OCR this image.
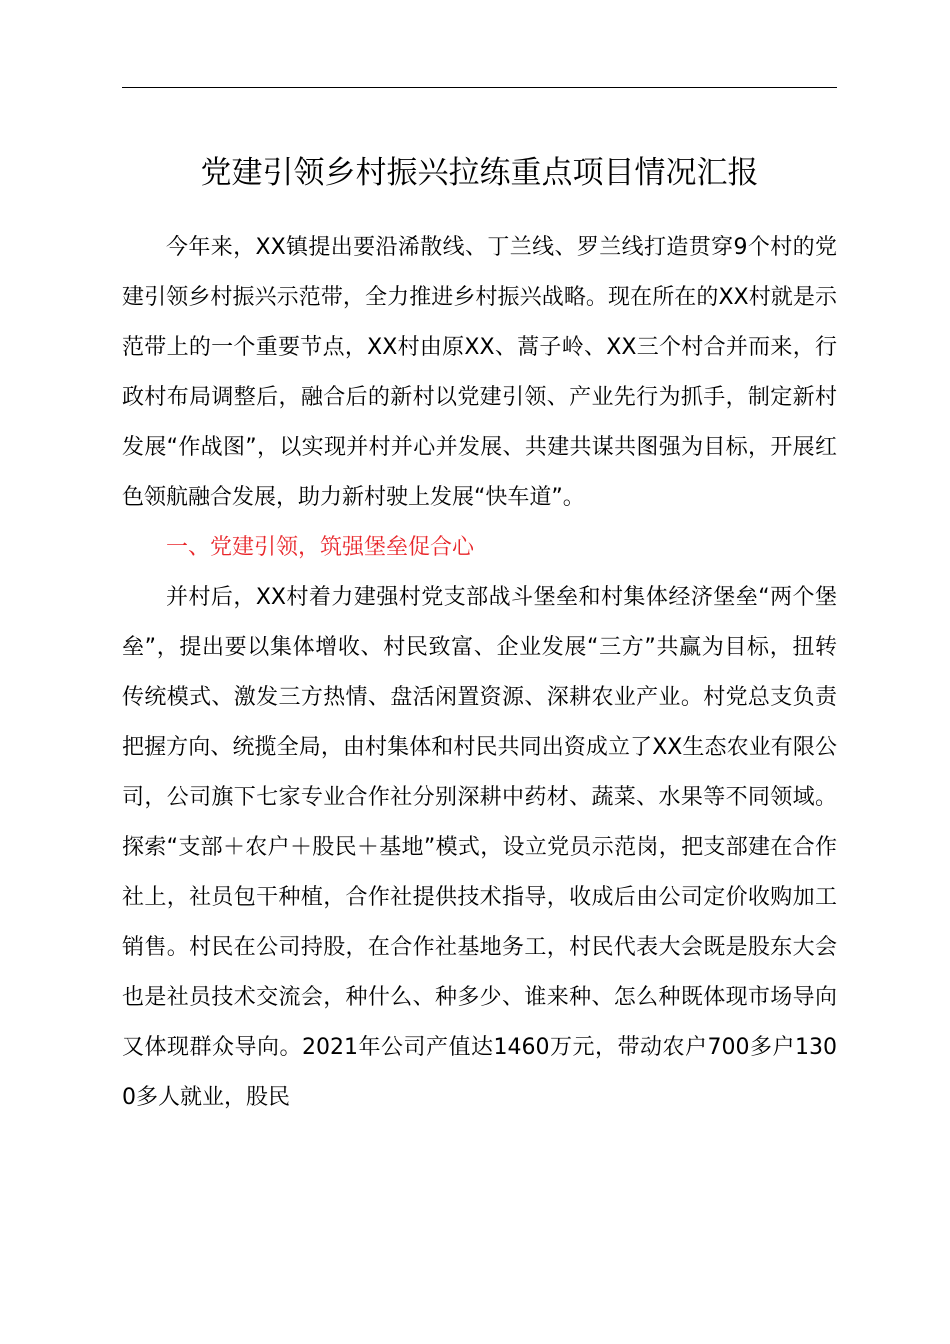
党建引领乡村振兴拉练重点项目情况汇报

今年来，XX镇提出要沿浠散线、丁兰线、罗兰线打造贯穿9个村的党建引领乡村振兴示范带，全力推进乡村振兴战略。现在所在的XX村就是示范带上的一个重要节点，XX村由原XX、蒿子岭、XX三个村合并而来，行政村布局调整后，融合后的新村以党建引领、产业先行为抓手，制定新村发展“作战图”，以实现并村并心并发展、共建共谋共图强为目标，开展红色领航融合发展，助力新村驶上发展“快车道”。

一、党建引领，筑强堡垒促合心

并村后，XX村着力建强村党支部战斗堡垒和村集体经济堡垒“两个堡垒”，提出要以集体增收、村民致富、企业发展“三方”共赢为目标，扭转传统模式、激发三方热情、盘活闲置资源、深耕农业产业。村党总支负责把握方向、统揽全局，由村集体和村民共同出资成立了XX生态农业有限公司，公司旗下七家专业合作社分别深耕中药材、蔬菜、水果等不同领域。探索“支部＋农户＋股民＋基地”模式，设立党员示范岗，把支部建在合作社上，社员包干种植，合作社提供技术指导，收成后由公司定价收购加工销售。村民在公司持股，在合作社基地务工，村民代表大会既是股东大会也是社员技术交流会，种什么、种多少、谁来种、怎么种既体现市场导向又体现群众导向。2021年公司产值达1460万元，带动农户700多户1300多人就业，股民
